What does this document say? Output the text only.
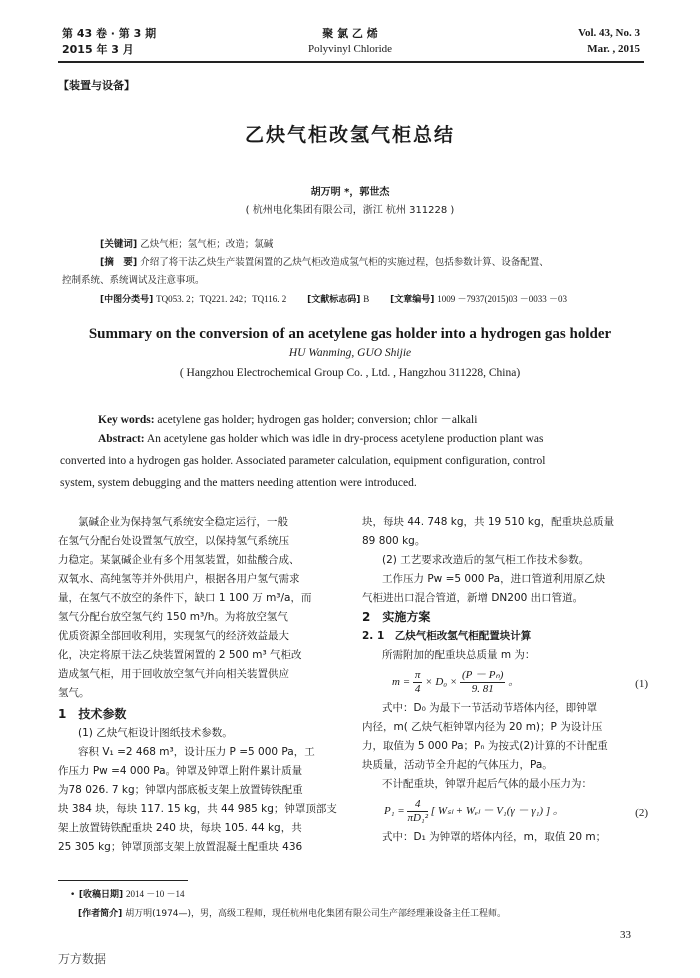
第 43 卷 · 第 3 期
2015 年 3 月
聚 氯 乙 烯
Polyvinyl Chloride
Vol. 43, No. 3
Mar. , 2015
【装置与设备】
乙炔气柜改氢气柜总结
胡万明 *，郭世杰
( 杭州电化集团有限公司，浙江 杭州 311228 )
[关键词] 乙炔气柜；氢气柜；改造；氯碱
[摘　要] 介绍了将干法乙炔生产装置闲置的乙炔气柜改造成氢气柜的实施过程，包括参数计算、设备配置、
控制系统、系统调试及注意事项。
[中图分类号] TQ053. 2；TQ221. 242；TQ116. 2 [文献标志码] B [文章编号] 1009 －7937(2015)03 －0033 －03
Summary on the conversion of an acetylene gas holder into a hydrogen gas holder
HU Wanming, GUO Shijie
( Hangzhou Electrochemical Group Co. , Ltd. , Hangzhou 311228, China)
Key words: acetylene gas holder; hydrogen gas holder; conversion; chlor －alkali
Abstract: An acetylene gas holder which was idle in dry-process acetylene production plant was
converted into a hydrogen gas holder. Associated parameter calculation, equipment configuration, control
system, system debugging and the matters needing attention were introduced.
氯碱企业为保持氢气系统安全稳定运行，一般
在氢气分配台处设置氢气放空，以保持氢气系统压
力稳定。某氯碱企业有多个用氢装置，如盐酸合成、
双氧水、高纯氢等并外供用户，根据各用户氢气需求
量，在氢气不放空的条件下，缺口 1 100 万 m³/a，而
氢气分配台放空氢气约 150 m³/h。为将放空氢气
优质资源全部回收利用，实现氢气的经济效益最大
化，决定将原干法乙炔装置闲置的 2 500 m³ 气柜改
造成氢气柜，用于回收放空氢气并向相关装置供应
氢气。
1　技术参数
(1) 乙炔气柜设计图纸技术参数。
容积 V₁ =2 468 m³，设计压力 P =5 000 Pa，工
作压力 Pw =4 000 Pa。钟罩及钟罩上附件累计质量
为78 026. 7 kg；钟罩内部底板支架上放置铸铁配重
块 384 块，每块 117. 15 kg，共 44 985 kg；钟罩顶部支
架上放置铸铁配重块 240 块，每块 105. 44 kg，共
25 305 kg；钟罩顶部支架上放置混凝土配重块 436
块，每块 44. 748 kg，共 19 510 kg，配重块总质量
89 800 kg。
(2) 工艺要求改造后的氢气柜工作技术参数。
工作压力 Pw =5 000 Pa，进口管道利用原乙炔
气柜进出口混合管道，新增 DN200 出口管道。
2　实施方案
2. 1　乙炔气柜改氢气柜配置块计算
所需附加的配重块总质量 m 为：
$m = \frac{\pi}{4} \times D_0 \times \frac{\text{(P － Pₙ)}}{9. 81}$ 。	(1)
式中：D₀ 为最下一节活动节塔体内径，即钟罩
内径，m( 乙炔气柜钟罩内径为 20 m)；P 为设计压
力，取值为 5 000 Pa；Pₙ 为按式(2)计算的不计配重
块质量，活动节全升起的气体压力，Pa。
不计配重块，钟罩升起后气体的最小压力为：
$P_1 = \frac{4}{\text{πD₁²}}$ [ Wₛₗ + Wₑₗ － V₁(γ － γ₁) ] 。	(2)
式中：D₁ 为钟罩的塔体内径，m，取值 20 m；
• [收稿日期] 2014 －10 －14
[作者简介] 胡万明(1974—)，男，高级工程师，现任杭州电化集团有限公司生产部经理兼设备主任工程师。
33
万方数据
